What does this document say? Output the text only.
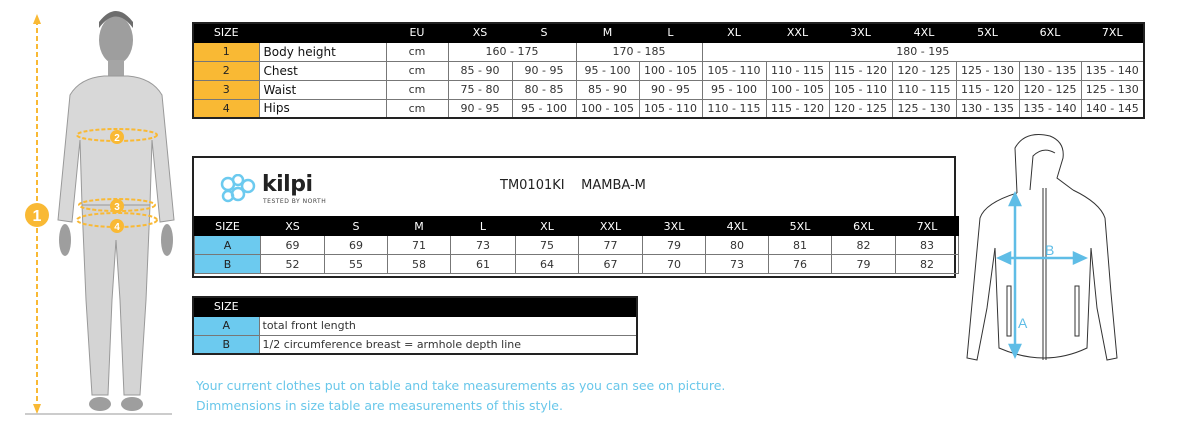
1
2
3
4
SIZE		EU	XS	S	M	L	XL	XXL	3XL	4XL	5XL	6XL	7XL
1	Body height	cm	160 - 175		170 - 185		180 - 195						
2	Chest	cm	85 - 90	90 - 95	95 - 100	100 - 105	105 - 110	110 - 115	115 - 120	120 - 125	125 - 130	130 - 135	135 - 140
3	Waist	cm	75 - 80	80 - 85	85 - 90	90 - 95	95 - 100	100 - 105	105 - 110	110 - 115	115 - 120	120 - 125	125 - 130
4	Hips	cm	90 - 95	95 - 100	100 - 105	105 - 110	110 - 115	115 - 120	120 - 125	125 - 130	130 - 135	135 - 140	140 - 145
SIZE	XS	S	M	L	XL	XXL	3XL	4XL	5XL	6XL	7XL
A	69	69	71	73	75	77	79	80	81	82	83
B	52	55	58	61	64	67	70	73	76	79	82
kilpi
TESTED BY NORTH
TM0101KI MAMBA-M
SIZE	
A	total front length
B	1/2 circumference breast = armhole depth line
Your current clothes put on table and take measurements as you can see on picture.
Dimmensions in size table are measurements of this style.
A
B
